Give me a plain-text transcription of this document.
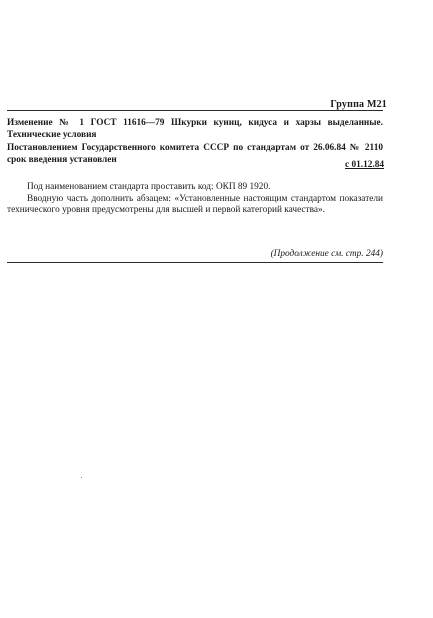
Группа М21
Изменение № 1 ГОСТ 11616—79 Шкурки куниц, кидуса и харзы выделанные. Технические условия
Постановлением Государственного комитета СССР по стандартам от 26.06.84 № 2110 срок введения установлен
с 01.12.84

Под наименованием стандарта проставить код: ОКП 89 1920.

Вводную часть дополнить абзацем: «Установленные настоящим стандартом показатели технического уровня предусмотрены для высшей и первой категорий качества».

(Продолжение см. стр. 244)
